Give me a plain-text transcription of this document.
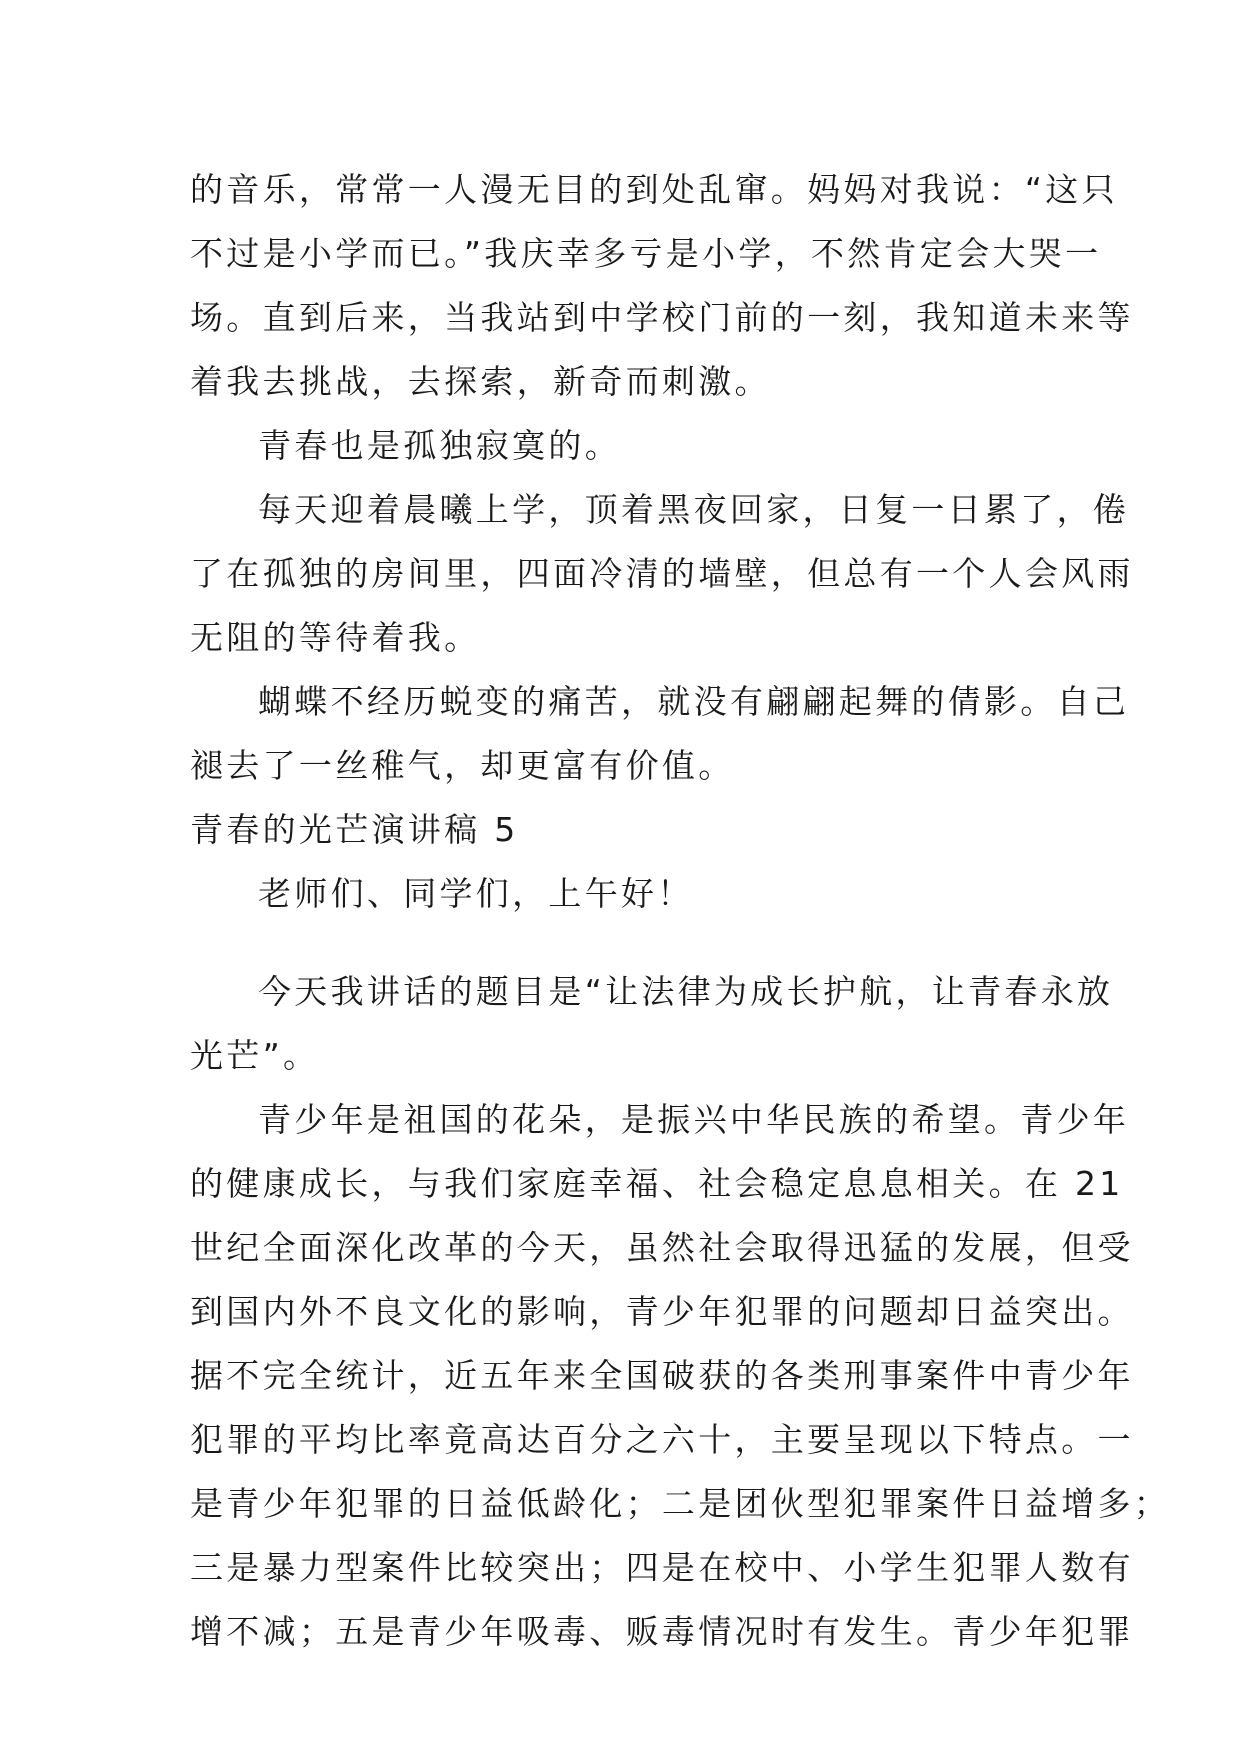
的音乐，常常一人漫无目的到处乱窜。妈妈对我说：“这只
不过是小学而已。”我庆幸多亏是小学，不然肯定会大哭一
场。直到后来，当我站到中学校门前的一刻，我知道未来等
着我去挑战，去探索，新奇而刺激。
青春也是孤独寂寞的。
每天迎着晨曦上学，顶着黑夜回家，日复一日累了，倦
了在孤独的房间里，四面冷清的墙壁，但总有一个人会风雨
无阻的等待着我。
蝴蝶不经历蜕变的痛苦，就没有翩翩起舞的倩影。自己
褪去了一丝稚气，却更富有价值。
青春的光芒演讲稿 5
老师们、同学们，上午好！
今天我讲话的题目是“让法律为成长护航，让青春永放
光芒”。
青少年是祖国的花朵，是振兴中华民族的希望。青少年
的健康成长，与我们家庭幸福、社会稳定息息相关。在 21
世纪全面深化改革的今天，虽然社会取得迅猛的发展，但受
到国内外不良文化的影响，青少年犯罪的问题却日益突出。
据不完全统计，近五年来全国破获的各类刑事案件中青少年
犯罪的平均比率竟高达百分之六十，主要呈现以下特点。一
是青少年犯罪的日益低龄化；二是团伙型犯罪案件日益增多；
三是暴力型案件比较突出；四是在校中、小学生犯罪人数有
增不减；五是青少年吸毒、贩毒情况时有发生。青少年犯罪
